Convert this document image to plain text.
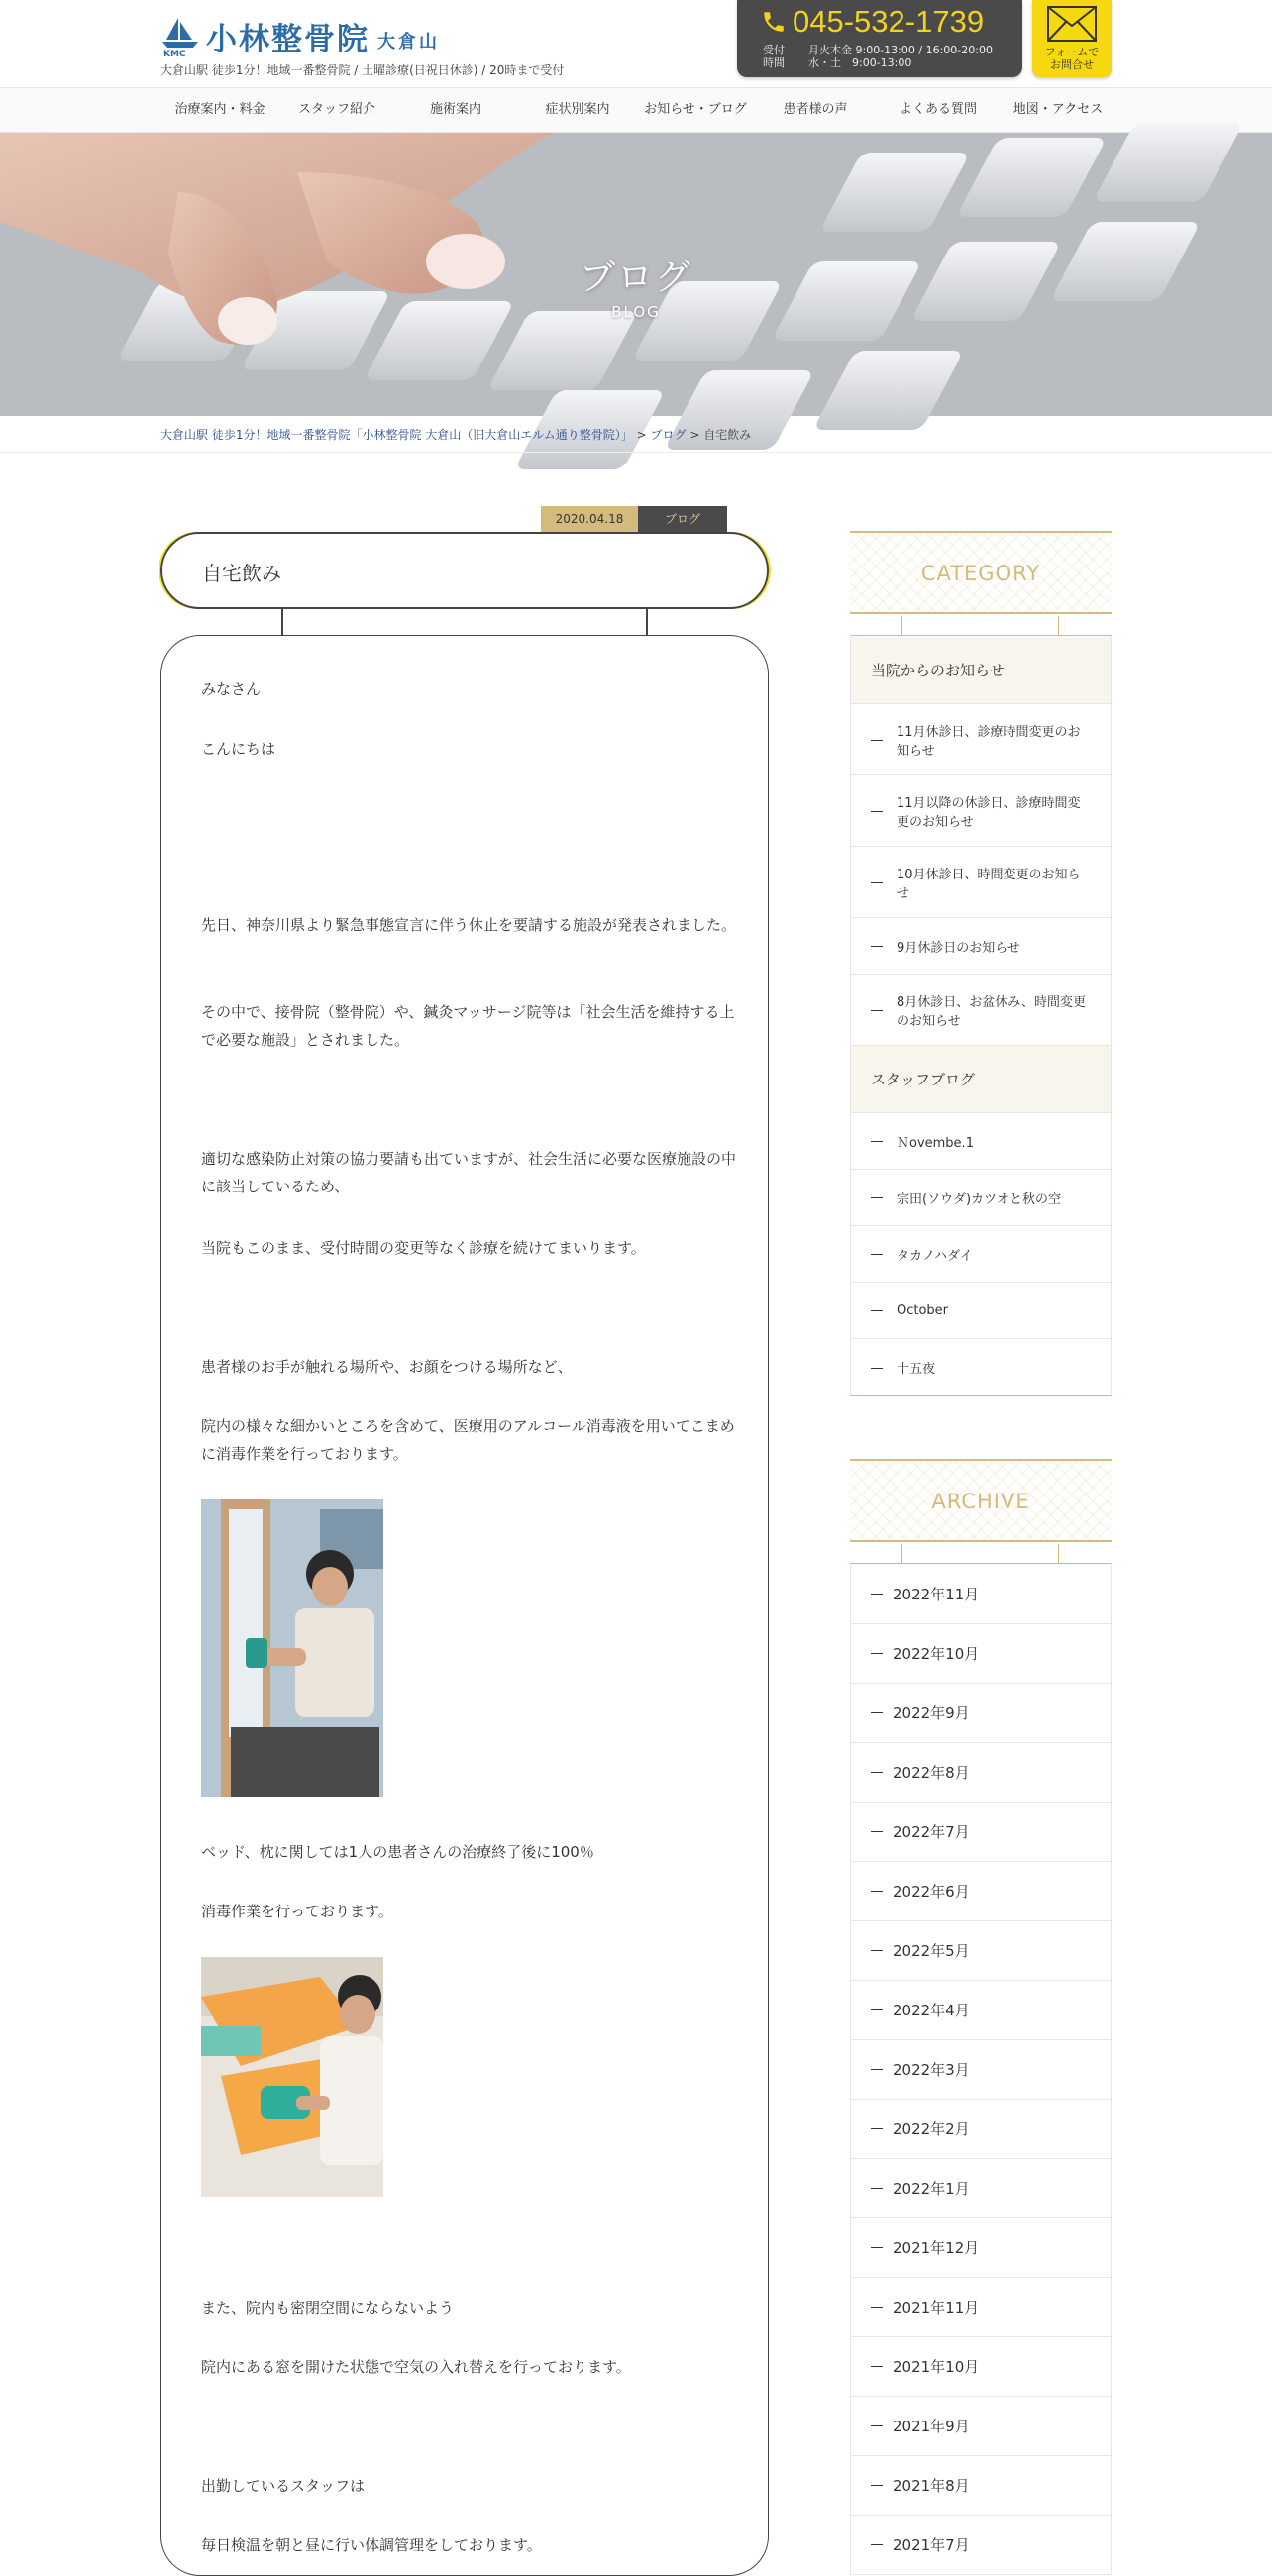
KMC 小林整骨院 大倉山
大倉山駅 徒歩1分！地域一番整骨院 / 土曜診療(日祝日休診) / 20時まで受付
045-532-1739
受付時間
月火木金 9:00-13:00 / 16:00-20:00
水・土　9:00-13:00
フォームで
お問合せ
治療案内・料金	スタッフ紹介	施術案内	症状別案内	お知らせ・ブログ	患者様の声	よくある質問	地図・アクセス
ブログ
BLOG
大倉山駅 徒歩1分！地域一番整骨院「小林整骨院 大倉山（旧大倉山エルム通り整骨院）」 > ブログ > 自宅飲み
2020.04.18	ブログ
自宅飲み
みなさん
こんにちは
先日、神奈川県より緊急事態宣言に伴う休止を要請する施設が発表されました。
その中で、接骨院（整骨院）や、鍼灸マッサージ院等は「社会生活を維持する上で必要な施設」とされました。
適切な感染防止対策の協力要請も出ていますが、社会生活に必要な医療施設の中に該当しているため、
当院もこのまま、受付時間の変更等なく診療を続けてまいります。
患者様のお手が触れる場所や、お顔をつける場所など、
院内の様々な細かいところを含めて、医療用のアルコール消毒液を用いてこまめに消毒作業を行っております。
ベッド、枕に関しては1人の患者さんの治療終了後に100％
消毒作業を行っております。
また、院内も密閉空間にならないよう
院内にある窓を開けた状態で空気の入れ替えを行っております。
出勤しているスタッフは
毎日検温を朝と昼に行い体調管理をしております。
CATEGORY
当院からのお知らせ
11月休診日、診療時間変更のお知らせ
11月以降の休診日、診療時間変更のお知らせ
10月休診日、時間変更のお知らせ
9月休診日のお知らせ
8月休診日、お盆休み、時間変更のお知らせ
スタッフブログ
Ｎovembe.1
宗田(ソウダ)カツオと秋の空
タカノハダイ
October
十五夜
ARCHIVE
2022年11月
2022年10月
2022年9月
2022年8月
2022年7月
2022年6月
2022年5月
2022年4月
2022年3月
2022年2月
2022年1月
2021年12月
2021年11月
2021年10月
2021年9月
2021年8月
2021年7月
